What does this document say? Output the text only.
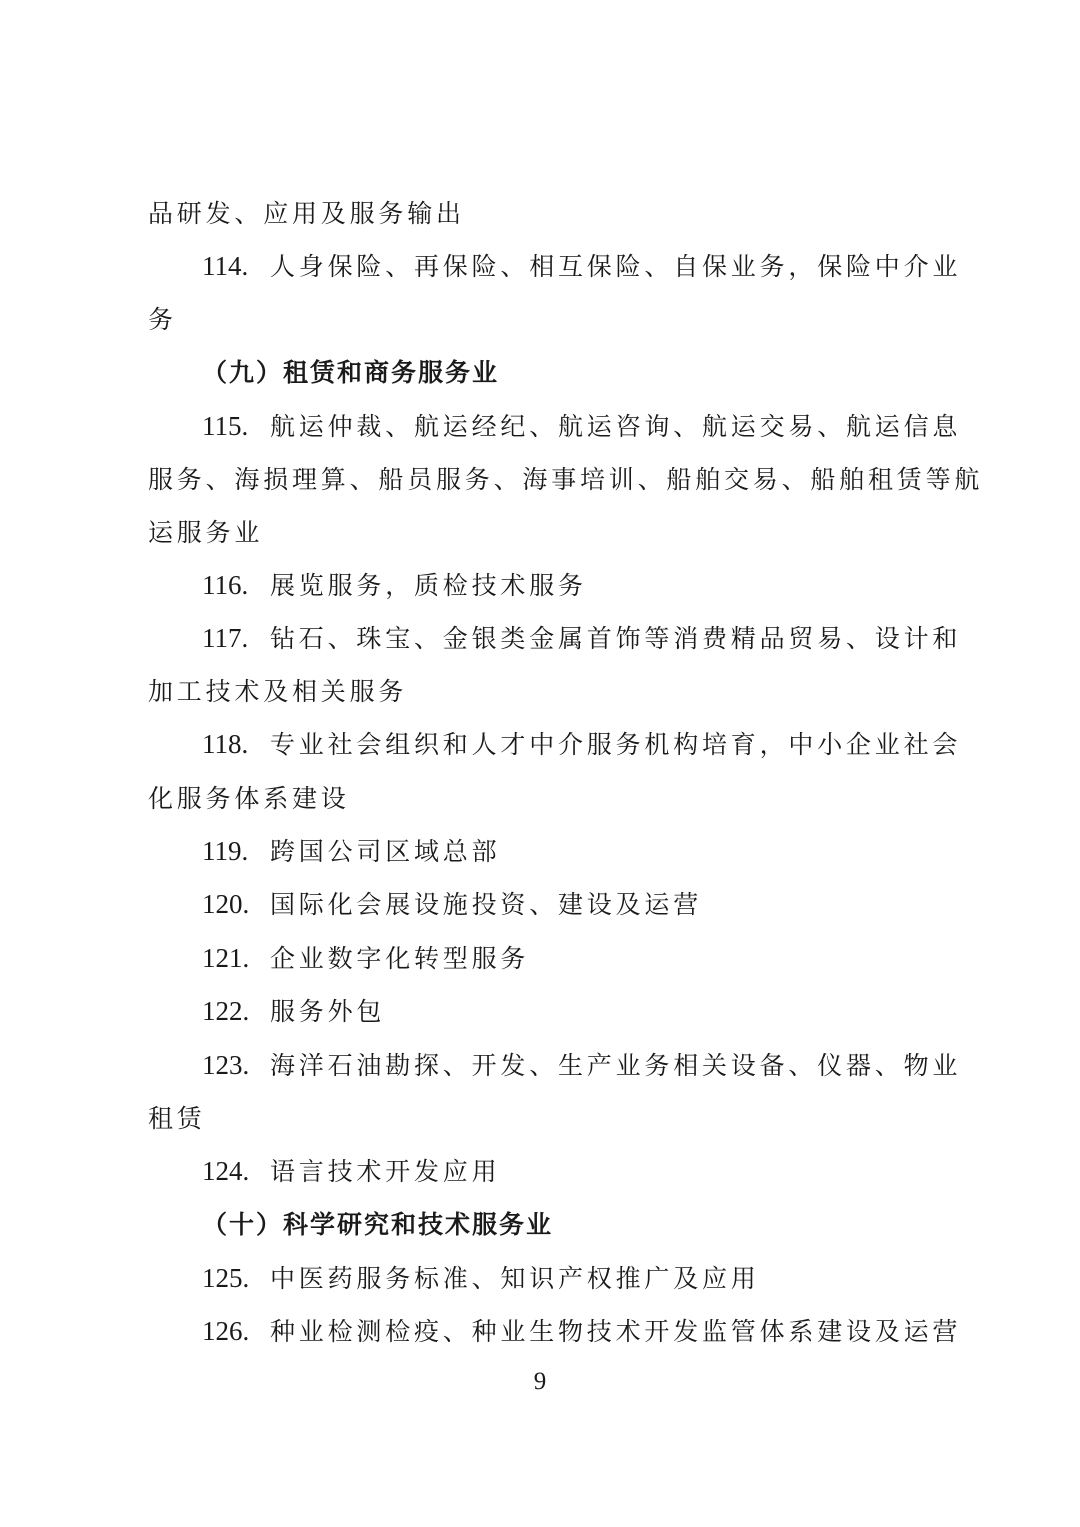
品研发、应用及服务输出
114. 人身保险、再保险、相互保险、自保业务，保险中介业
务
（九）租赁和商务服务业
115. 航运仲裁、航运经纪、航运咨询、航运交易、航运信息
服务、海损理算、船员服务、海事培训、船舶交易、船舶租赁等航
运服务业
116. 展览服务，质检技术服务
117. 钻石、珠宝、金银类金属首饰等消费精品贸易、设计和
加工技术及相关服务
118. 专业社会组织和人才中介服务机构培育，中小企业社会
化服务体系建设
119. 跨国公司区域总部
120. 国际化会展设施投资、建设及运营
121. 企业数字化转型服务
122. 服务外包
123. 海洋石油勘探、开发、生产业务相关设备、仪器、物业
租赁
124. 语言技术开发应用
（十）科学研究和技术服务业
125. 中医药服务标准、知识产权推广及应用
126. 种业检测检疫、种业生物技术开发监管体系建设及运营
9
